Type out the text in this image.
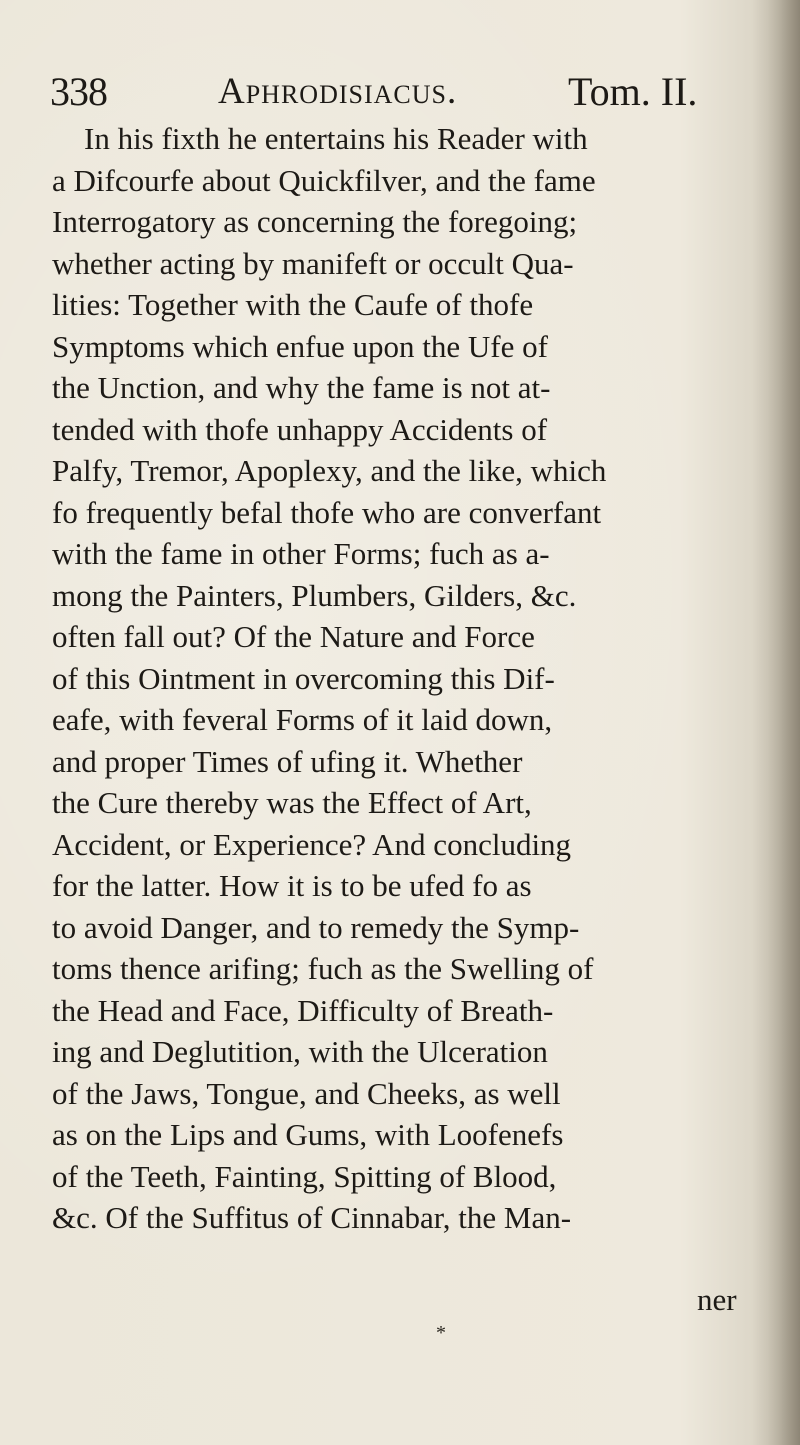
338	Aphrodisiacus.	Tom. II.
In his fixth he entertains his Reader with
a Difcourfe about Quickfilver, and the fame
Interrogatory as concerning the foregoing;
whether acting by manifeft or occult Qua-
lities: Together with the Caufe of thofe
Symptoms which enfue upon the Ufe of
the Unction, and why the fame is not at-
tended with thofe unhappy Accidents of
Palfy, Tremor, Apoplexy, and the like, which
fo frequently befal thofe who are converfant
with the fame in other Forms; fuch as a-
mong the Painters, Plumbers, Gilders, &c.
often fall out? Of the Nature and Force
of this Ointment in overcoming this Dif-
eafe, with feveral Forms of it laid down,
and proper Times of ufing it. Whether
the Cure thereby was the Effect of Art,
Accident, or Experience? And concluding
for the latter. How it is to be ufed fo as
to avoid Danger, and to remedy the Symp-
toms thence arifing; fuch as the Swelling of
the Head and Face, Difficulty of Breath-
ing and Deglutition, with the Ulceration
of the Jaws, Tongue, and Cheeks, as well
as on the Lips and Gums, with Loofenefs
of the Teeth, Fainting, Spitting of Blood,
&c. Of the Suffitus of Cinnabar, the Man-
ner
*
